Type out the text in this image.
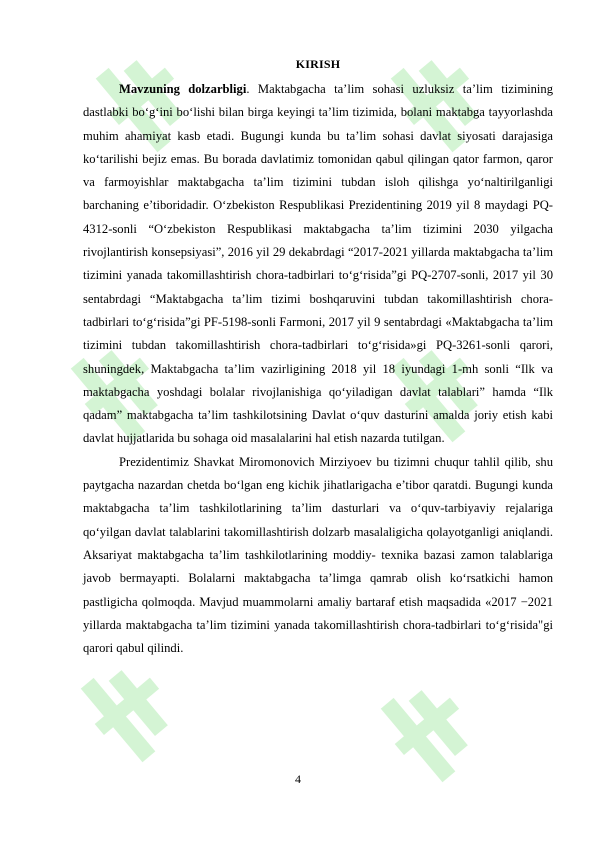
KIRISH

Mavzuning dolzarbligi. Maktabgacha ta’lim sohasi uzluksiz ta’lim tizimining dastlabki bo‘g‘ini bo‘lishi bilan birga keyingi ta’lim tizimida, bolani maktabga tayyorlashda muhim ahamiyat kasb etadi. Bugungi kunda bu ta’lim sohasi davlat siyosati darajasiga ko‘tarilishi bejiz emas. Bu borada davlatimiz tomonidan qabul qilingan qator farmon, qaror va farmoyishlar maktabgacha ta’lim tizimini tubdan isloh qilishga yo‘naltirilganligi barchaning e’tiboridadir. O‘zbekiston Respublikasi Prezidentining 2019 yil 8 maydagi PQ-4312-sonli “O‘zbekiston Respublikasi maktabgacha ta’lim tizimini 2030 yilgacha rivojlantirish konsepsiyasi”, 2016 yil 29 dekabrdagi “2017-2021 yillarda maktabgacha ta’lim tizimini yanada takomillashtirish chora-tadbirlari to‘g‘risida”gi PQ-2707-sonli, 2017 yil 30 sentabrdagi “Maktabgacha ta’lim tizimi boshqaruvini tubdan takomillashtirish chora-tadbirlari to‘g‘risida”gi PF-5198-sonli Farmoni, 2017 yil 9 sentabrdagi «Maktabgacha ta’lim tizimini tubdan takomillashtirish chora-tadbirlari to‘g‘risida»gi PQ-3261-sonli qarori, shuningdek, Maktabgacha ta’lim vazirligining 2018 yil 18 iyundagi 1-mh sonli “Ilk va maktabgacha yoshdagi bolalar rivojlanishiga qo‘yiladigan davlat talablari” hamda “Ilk qadam” maktabgacha ta’lim tashkilotsining Davlat o‘quv dasturini amalda joriy etish kabi davlat hujjatlarida bu sohaga oid masalalarini hal etish nazarda tutilgan.

Prezidentimiz Shavkat Miromonovich Mirziyoev bu tizimni chuqur tahlil qilib, shu paytgacha nazardan chetda bo‘lgan eng kichik jihatlarigacha e’tibor qaratdi. Bugungi kunda maktabgacha ta’lim tashkilotlarining ta’lim dasturlari va o‘quv-tarbiyaviy rejalariga qo‘yilgan davlat talablarini takomillashtirish dolzarb masalaligicha qolayotganligi aniqlandi. Aksariyat maktabgacha ta’lim tashkilotlarining moddiy- texnika bazasi zamon talablariga javob bermayapti. Bolalarni maktabgacha ta’limga qamrab olish ko‘rsatkichi hamon pastligicha qolmoqda. Mavjud muammolarni amaliy bartaraf etish maqsadida «2017 −2021 yillarda maktabgacha ta’lim tizimini yanada takomillashtirish chora-tadbirlari to‘g‘risida"gi qarori qabul qilindi.

4
